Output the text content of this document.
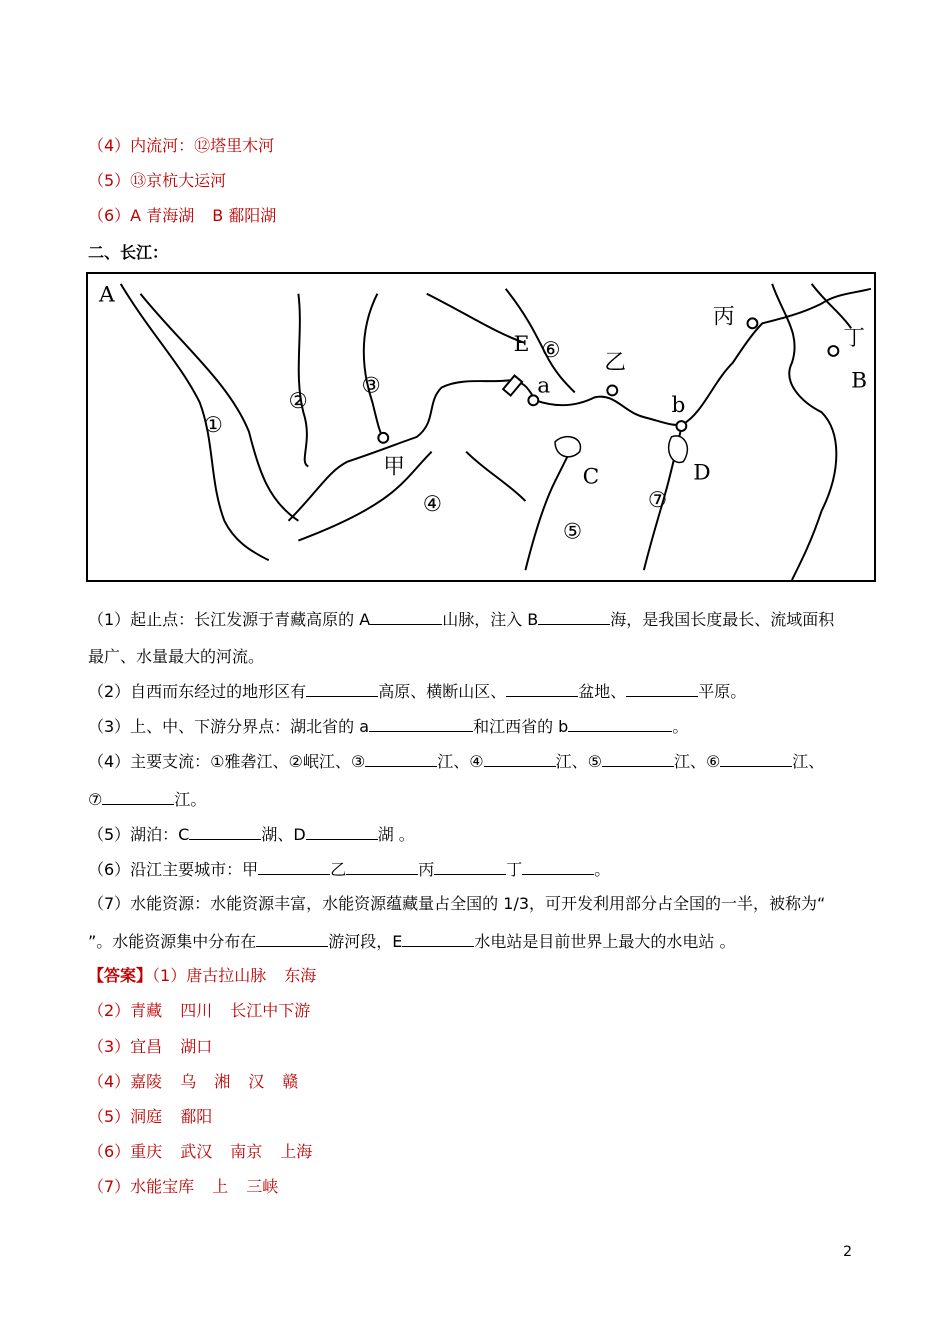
（4）内流河：⑫塔里木河
（5）⑬京杭大运河
（6）A 青海湖 B 鄱阳湖
二、长江：
A
B
C	D
E
a
b
甲
乙
丙
丁
①
②
③
④
⑤
⑥
⑦
（1）起止点：长江发源于青藏高原的 A	山脉，注入 B	海，是我国长度最长、流域面积
最广、水量最大的河流。
（2）自西而东经过的地形区有	高原、横断山区、	盆地、	平原。
（3）上、中、下游分界点：湖北省的 a	和江西省的 b	。
（4）主要支流：①雅砻江、②岷江、③	江、④	江、⑤	江、⑥	江、
⑦	江。
（5）湖泊：C	湖、D	湖 。
（6）沿江主要城市：甲	乙	丙	丁	。
（7）水能资源：水能资源丰富，水能资源蕴藏量占全国的 1/3，可开发利用部分占全国的一半，被称为“
”。水能资源集中分布在	游河段，E	水电站是目前世界上最大的水电站 。
【答案】（1）唐古拉山脉 东海
（2）青藏 四川 长江中下游
（3）宜昌 湖口
（4）嘉陵 乌 湘 汉 赣
（5）洞庭 鄱阳
（6）重庆 武汉 南京 上海
（7）水能宝库 上 三峡
2
